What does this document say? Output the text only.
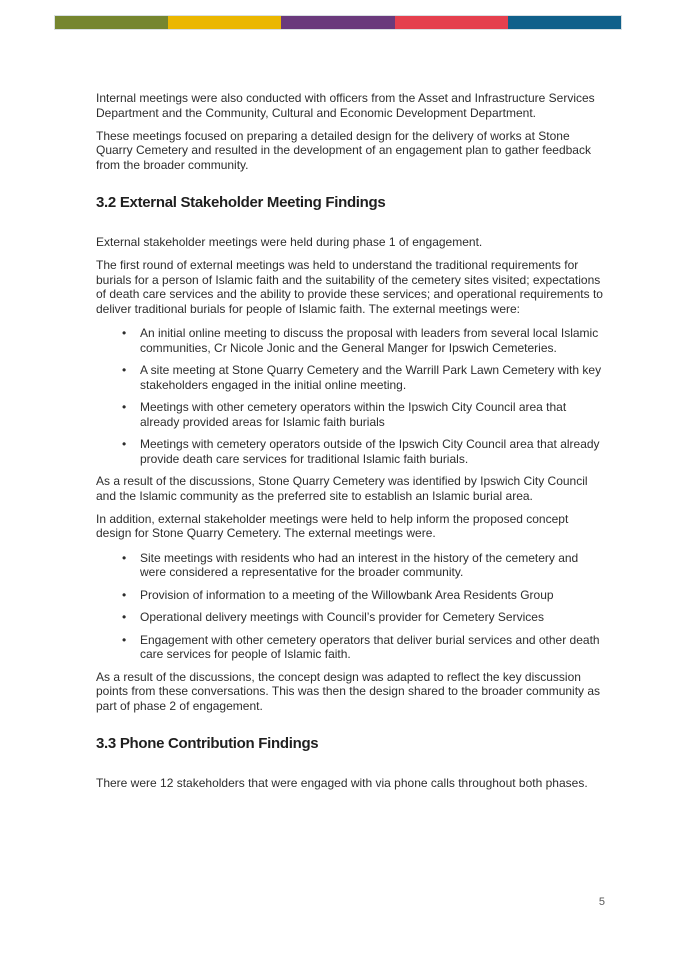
Internal meetings were also conducted with officers from the Asset and Infrastructure Services Department and the Community, Cultural and Economic Development Department.

These meetings focused on preparing a detailed design for the delivery of works at Stone Quarry Cemetery and resulted in the development of an engagement plan to gather feedback from the broader community.

3.2 External Stakeholder Meeting Findings

External stakeholder meetings were held during phase 1 of engagement.

The first round of external meetings was held to understand the traditional requirements for burials for a person of Islamic faith and the suitability of the cemetery sites visited; expectations of death care services and the ability to provide these services; and operational requirements to deliver traditional burials for people of Islamic faith. The external meetings were:

• An initial online meeting to discuss the proposal with leaders from several local Islamic communities, Cr Nicole Jonic and the General Manger for Ipswich Cemeteries.
• A site meeting at Stone Quarry Cemetery and the Warrill Park Lawn Cemetery with key stakeholders engaged in the initial online meeting.
• Meetings with other cemetery operators within the Ipswich City Council area that already provided areas for Islamic faith burials
• Meetings with cemetery operators outside of the Ipswich City Council area that already provide death care services for traditional Islamic faith burials.

As a result of the discussions, Stone Quarry Cemetery was identified by Ipswich City Council and the Islamic community as the preferred site to establish an Islamic burial area.

In addition, external stakeholder meetings were held to help inform the proposed concept design for Stone Quarry Cemetery. The external meetings were.

• Site meetings with residents who had an interest in the history of the cemetery and were considered a representative for the broader community.
• Provision of information to a meeting of the Willowbank Area Residents Group
• Operational delivery meetings with Council’s provider for Cemetery Services
• Engagement with other cemetery operators that deliver burial services and other death care services for people of Islamic faith.

As a result of the discussions, the concept design was adapted to reflect the key discussion points from these conversations. This was then the design shared to the broader community as part of phase 2 of engagement.

3.3 Phone Contribution Findings

There were 12 stakeholders that were engaged with via phone calls throughout both phases.

5
